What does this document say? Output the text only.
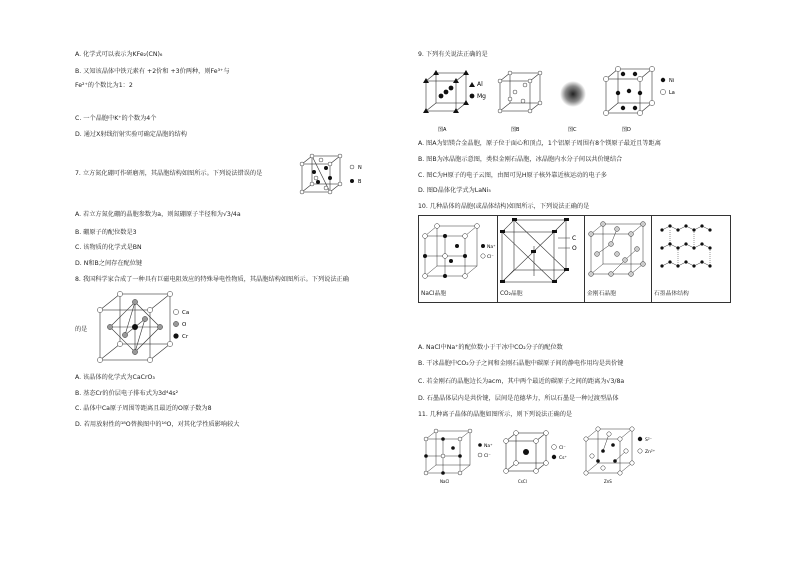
A. 化学式可以表示为KFe₂(CN)₆
B. 又知该晶体中铁元素有 +2价和 +3价两种，则Fe³⁺与
Fe²⁺的个数比为1：2
C. 一个晶胞中K⁺的个数为4个
D. 通过X射线衍射实验可确定晶胞的结构
7. 立方氮化硼可作研磨剂，其晶胞结构如图所示。下列说法错误的是
N
B
A. 若立方氮化硼的晶胞参数为a，则氮硼原子半径和为√3/4a
B. 硼原子的配位数是3
C. 该物质的化学式是BN
D. N和B之间存在配位键
8. 我国科学家合成了一种具有巨磁电阻效应的特殊导电性物质，其晶胞结构如图所示。下列说法正确
的是
Ca
O
Cr
A. 该晶体的化学式为CaCrO₃
B. 基态Cr的价层电子排布式为3d⁴4s²
C. 晶体中Ca原子周围等距离且最近的O原子数为8
D. 若用放射性的¹⁸O替换图中的¹⁶O，对其化学性质影响较大
9. 下列有关说法正确的是
Al
Mg
图A	图B	图C
Ni
La
图D
A. 图A为铝镁合金晶胞，原子位于面心和顶点，1个铝原子周围有8个镁原子最近且等距离
B. 图B为冰晶胞示意图，类似金刚石晶胞，冰晶胞内水分子间以共价键结合
C. 图C为H原子的电子云图，由图可见H原子核外靠近核运动的电子多
D. 图D晶体化学式为LaNi₅
10. 几种晶体的晶胞(或晶体结构)如图所示，下列说法正确的是
Na⁺
Cl⁻
NaCl晶胞

C
O
CO₂晶胞	金刚石晶胞	石墨晶体结构
A. NaCl中Na⁺的配位数小于干冰中CO₂分子的配位数
B. 干冰晶胞中CO₂分子之间和金刚石晶胞中碳原子间的静电作用均是共价键
C. 若金刚石的晶胞边长为acm，其中两个最近的碳原子之间的距离为√3/8a
D. 石墨晶体层内是共价键，层间是范德华力，所以石墨是一种过渡型晶体
11. 几种离子晶体的晶胞如图所示，则下列说法正确的是
Na⁺
Cl⁻
NaCl
Cl⁻
Cs⁺
CsCl
S²⁻
Zn²⁺
ZnS
